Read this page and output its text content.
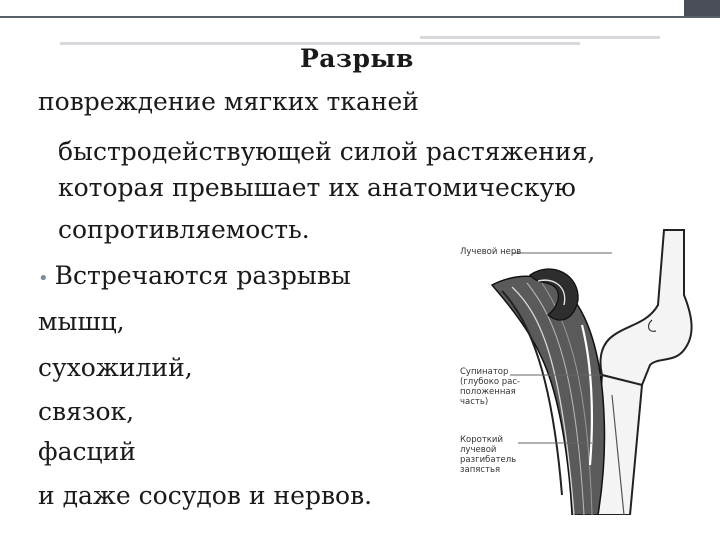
Разрыв

повреждение мягких тканей

быстродействующей силой растяжения,

которая превышает их анатомическую

сопротивляемость.

• Встречаются разрывы

мышц,

сухожилий,

связок,

фасций

и даже сосудов и нервов.

Лучевой нерв
Супинатор
(глубоко рас-
положенная
часть)
Короткий
лучевой
разгибатель
запястья
